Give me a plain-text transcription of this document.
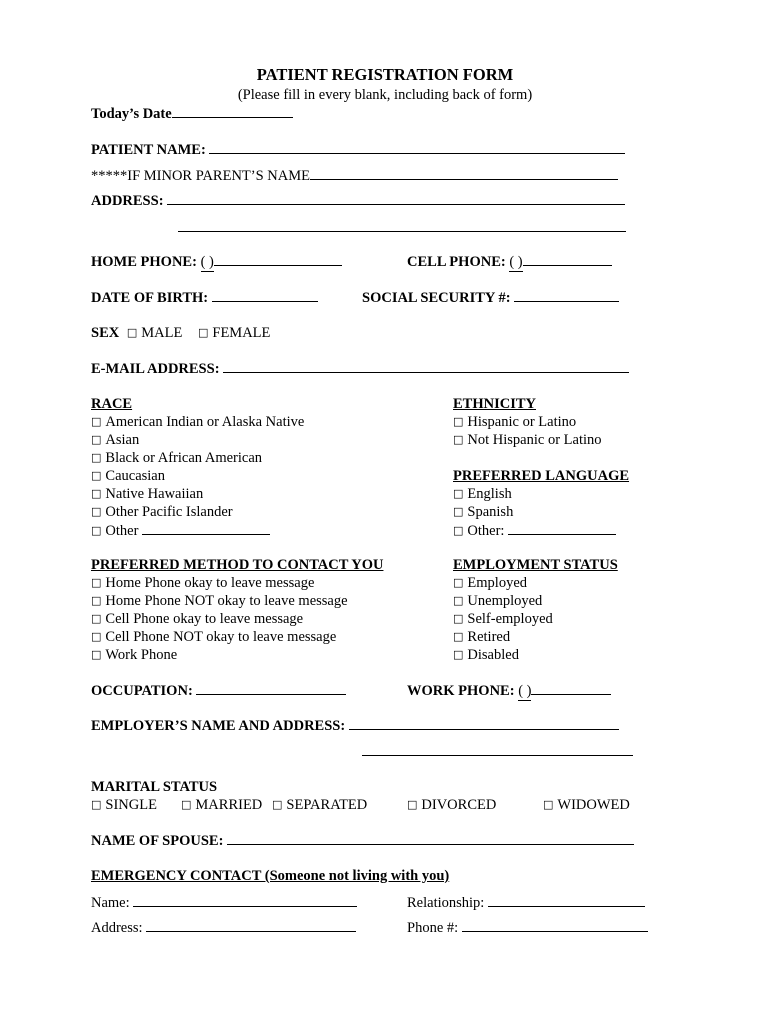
PATIENT REGISTRATION FORM
(Please fill in every blank, including back of form)
Today’s Date
PATIENT NAME:
*****IF MINOR PARENT’S NAME
ADDRESS:
HOME PHONE: ( )	CELL PHONE: ( )
DATE OF BIRTH:	SOCIAL SECURITY #:
SEX □ MALE □ FEMALE
E-MAIL ADDRESS:
RACE
□ American Indian or Alaska Native
□ Asian
□ Black or African American
□ Caucasian
□ Native Hawaiian
□ Other Pacific Islander
□ Other
ETHNICITY
□ Hispanic or Latino
□ Not Hispanic or Latino
PREFERRED LANGUAGE
□ English
□ Spanish
□ Other:
PREFERRED METHOD TO CONTACT YOU
□ Home Phone okay to leave message
□ Home Phone NOT okay to leave message
□ Cell Phone okay to leave message
□ Cell Phone NOT okay to leave message
□ Work Phone
EMPLOYMENT STATUS
□ Employed
□ Unemployed
□ Self-employed
□ Retired
□ Disabled
OCCUPATION:	WORK PHONE: ( )
EMPLOYER’S NAME AND ADDRESS:
MARITAL STATUS
□ SINGLE □ MARRIED □ SEPARATED	□ DIVORCED	□ WIDOWED
NAME OF SPOUSE:
EMERGENCY CONTACT (Someone not living with you)
Name:	Relationship:
Address:	Phone #:
